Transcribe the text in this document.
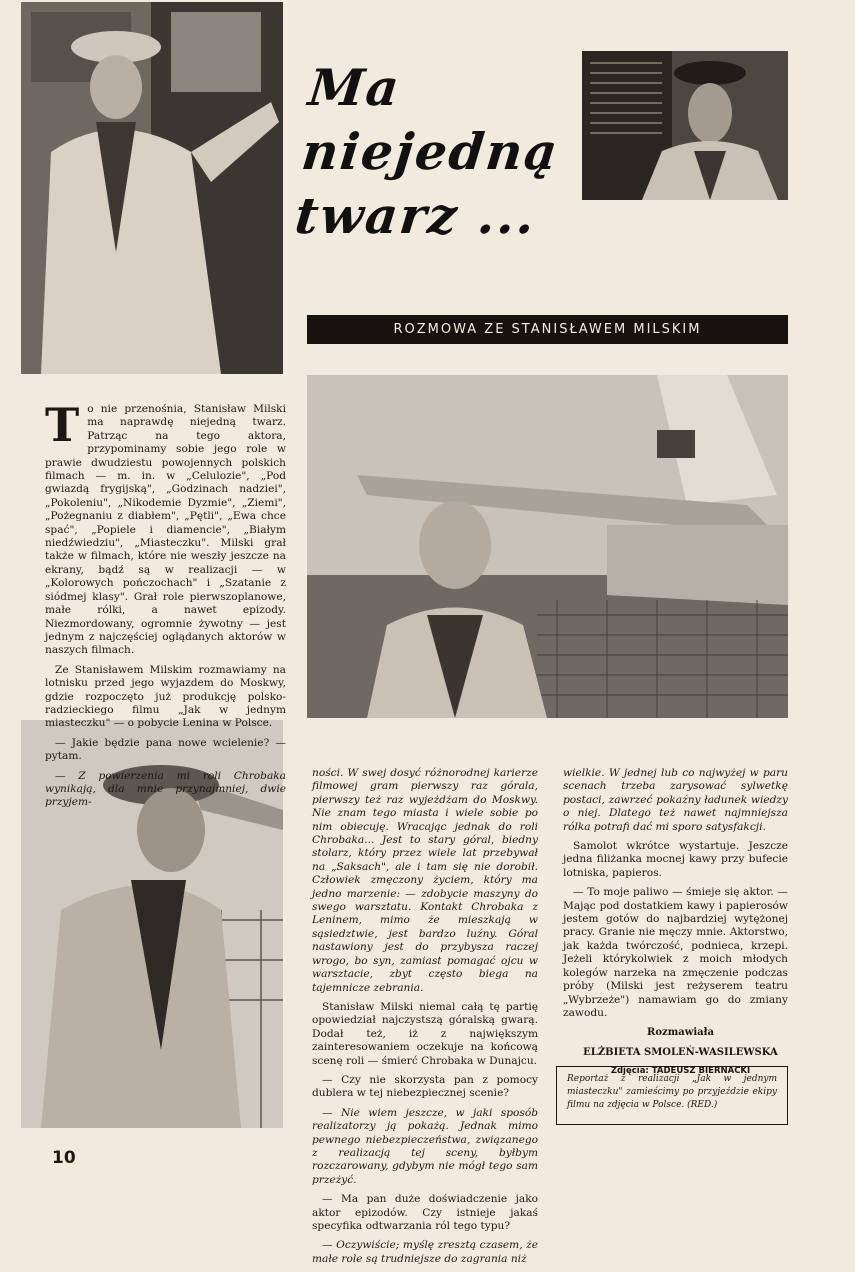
Ma
niejedną
twarz ...
ROZMOWA ZE STANISŁAWEM MILSKIM

To nie przenośnia, Stanisław Milski ma naprawdę niejedną twarz. Patrząc na tego aktora, przypominamy sobie jego role w prawie dwudziestu powojennych polskich filmach — m. in. w „Celulozie", „Pod gwiazdą frygijską", „Godzinach nadziei", „Pokoleniu", „Nikodemie Dyzmie", „Ziemi", „Pożegnaniu z diabłem", „Pętli", „Ewa chce spać", „Popiele i diamencie", „Białym niedźwiedziu", „Miasteczku". Milski grał także w filmach, które nie weszły jeszcze na ekrany, bądź są w realizacji — w „Kolorowych pończochach" i „Szatanie z siódmej klasy". Grał role pierwszoplanowe, małe rólki, a nawet epizody. Niezmordowany, ogromnie żywotny — jest jednym z najczęściej oglądanych aktorów w naszych filmach.

Ze Stanisławem Milskim rozmawiamy na lotnisku przed jego wyjazdem do Moskwy, gdzie rozpoczęto już produkcję polsko-radzieckiego filmu „Jak w jednym miasteczku" — o pobycie Lenina w Polsce.

— Jakie będzie pana nowe wcielenie? — pytam.

— Z powierzenia mi roli Chrobaka wynikają, dla mnie przynajmniej, dwie przyjem-

ności. W swej dosyć różnorodnej karierze filmowej gram pierwszy raz górala, pierwszy też raz wyjeżdżam do Moskwy. Nie znam tego miasta i wiele sobie po nim obiecuję. Wracając jednak do roli Chrobaka... Jest to stary góral, biedny stolarz, który przez wiele lat przebywał na „Saksach", ale i tam się nie dorobił. Człowiek zmęczony życiem, który ma jedno marzenie: — zdobycie maszyny do swego warsztatu. Kontakt Chrobaka z Leninem, mimo że mieszkają w sąsiedztwie, jest bardzo luźny. Góral nastawiony jest do przybysza raczej wrogo, bo syn, zamiast pomagać ojcu w warsztacie, zbyt często biega na tajemnicze zebrania.

Stanisław Milski niemal całą tę partię opowiedział najczystszą góralską gwarą. Dodał też, iż z największym zainteresowaniem oczekuje na końcową scenę roli — śmierć Chrobaka w Dunajcu.

— Czy nie skorzysta pan z pomocy dublera w tej niebezpiecznej scenie?

— Nie wiem jeszcze, w jaki sposób realizatorzy ją pokażą. Jednak mimo pewnego niebezpieczeństwa, związanego z realizacją tej sceny, byłbym rozczarowany, gdybym nie mógł tego sam przeżyć.

— Ma pan duże doświadczenie jako aktor epizodów. Czy istnieje jakaś specyfika odtwarzania ról tego typu?

— Oczywiście; myślę zresztą czasem, że małe role są trudniejsze do zagrania niż

wielkie. W jednej lub co najwyżej w paru scenach trzeba zarysować sylwetkę postaci, zawrzeć pokaźny ładunek wiedzy o niej. Dlatego też nawet najmniejsza rólka potrafi dać mi sporo satysfakcji.

Samolot wkrótce wystartuje. Jeszcze jedna filiżanka mocnej kawy przy bufecie lotniska, papieros.

— To moje paliwo — śmieje się aktor. — Mając pod dostatkiem kawy i papierosów jestem gotów do najbardziej wytężonej pracy. Granie nie męczy mnie. Aktorstwo, jak każda twórczość, podnieca, krzepi. Jeżeli którykolwiek z moich młodych kolegów narzeka na zmęczenie podczas próby (Milski jest reżyserem teatru „Wybrzeże") namawiam go do zmiany zawodu.

Rozmawiała

ELŻBIETA SMOLEŃ-WASILEWSKA

Zdjęcia: TADEUSZ BIERNACKI

Reportaż z realizacji „Jak w jednym miasteczku" zamieścimy po przyjeździe ekipy filmu na zdjęcia w Polsce. (RED.)
10
